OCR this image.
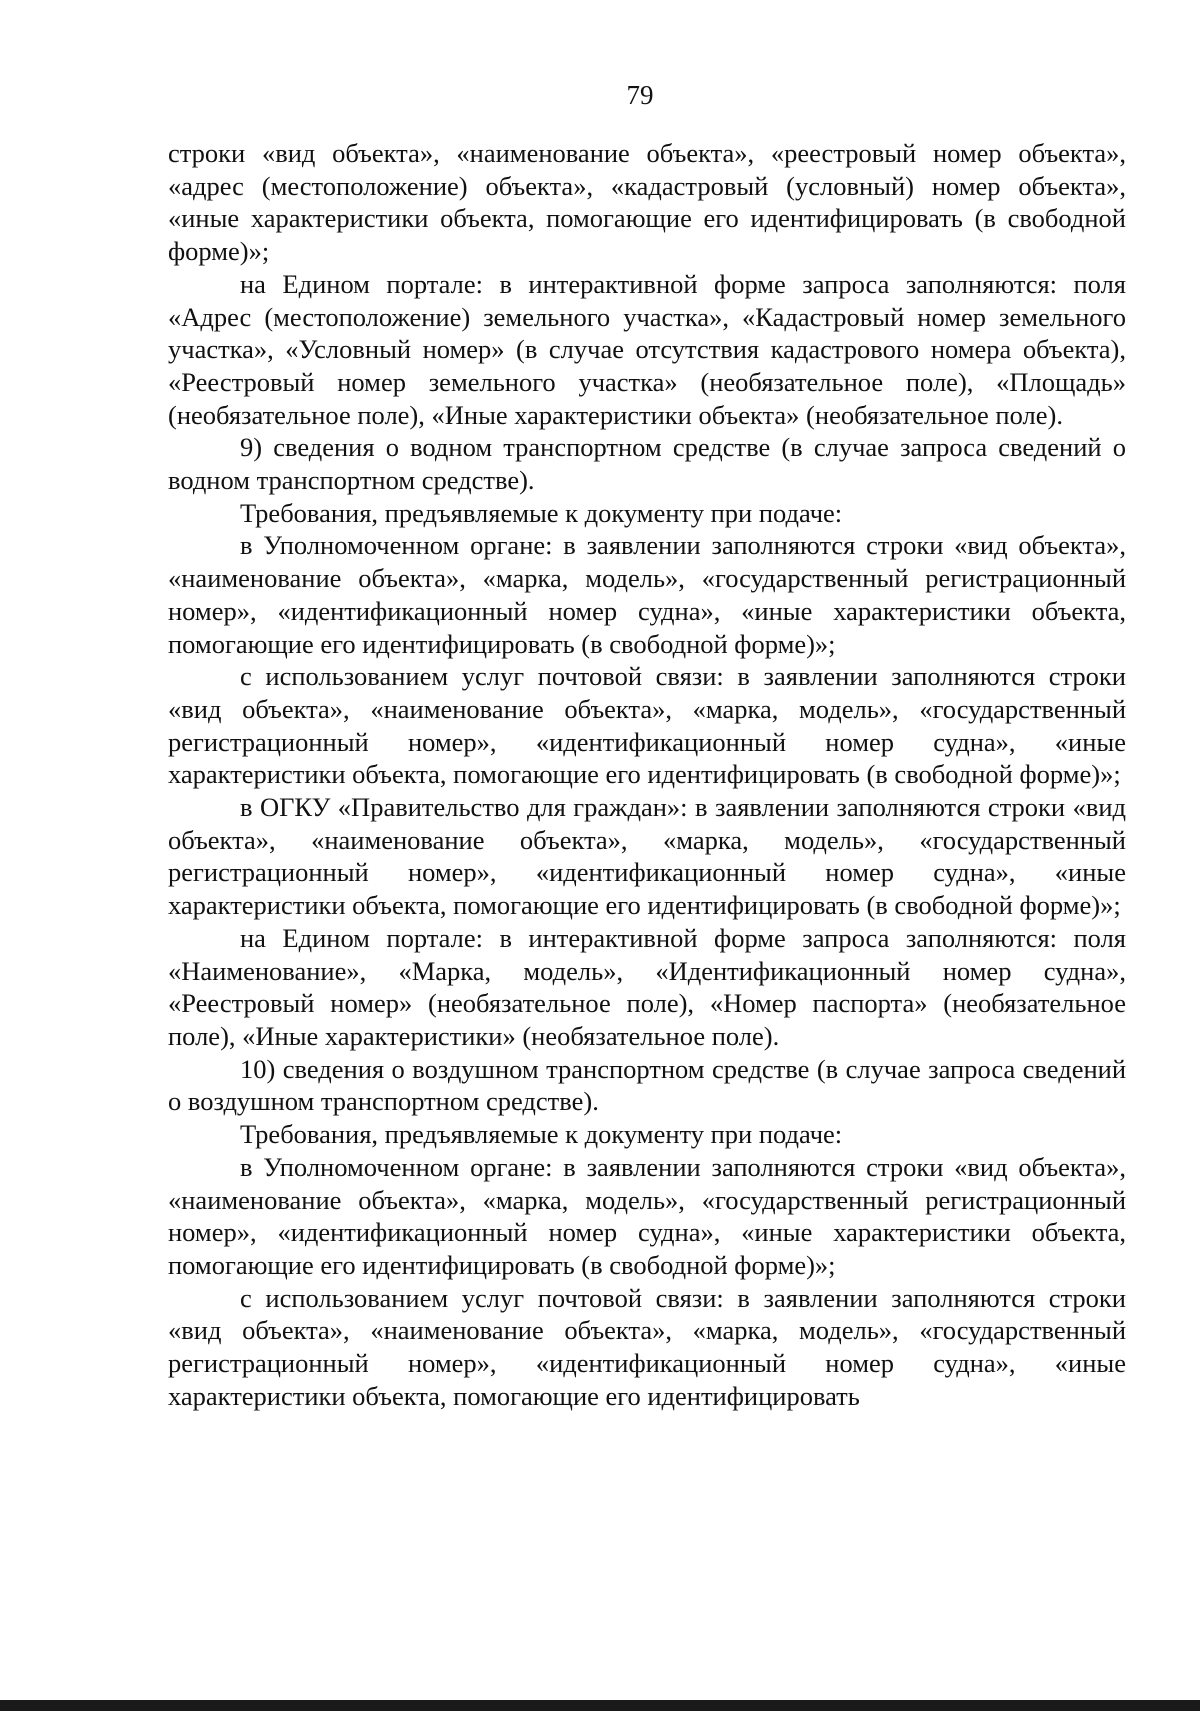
79

строки «вид объекта», «наименование объекта», «реестровый номер объекта», «адрес (местоположение) объекта», «кадастровый (условный) номер объекта», «иные характеристики объекта, помогающие его идентифицировать (в свободной форме)»;

на Едином портале: в интерактивной форме запроса заполняются: поля «Адрес (местоположение) земельного участка», «Кадастровый номер земельного участка», «Условный номер» (в случае отсутствия кадастрового номера объекта), «Реестровый номер земельного участка» (необязательное поле), «Площадь» (необязательное поле), «Иные характеристики объекта» (необязательное поле).

9) сведения о водном транспортном средстве (в случае запроса сведений о водном транспортном средстве).

Требования, предъявляемые к документу при подаче:

в Уполномоченном органе: в заявлении заполняются строки «вид объекта», «наименование объекта», «марка, модель», «государственный регистрационный номер», «идентификационный номер судна», «иные характеристики объекта, помогающие его идентифицировать (в свободной форме)»;

с использованием услуг почтовой связи: в заявлении заполняются строки «вид объекта», «наименование объекта», «марка, модель», «государственный регистрационный номер», «идентификационный номер судна», «иные характеристики объекта, помогающие его идентифицировать (в свободной форме)»;

в ОГКУ «Правительство для граждан»: в заявлении заполняются строки «вид объекта», «наименование объекта», «марка, модель», «государственный регистрационный номер», «идентификационный номер судна», «иные характеристики объекта, помогающие его идентифицировать (в свободной форме)»;

на Едином портале: в интерактивной форме запроса заполняются: поля «Наименование», «Марка, модель», «Идентификационный номер судна», «Реестровый номер» (необязательное поле), «Номер паспорта» (необязательное поле), «Иные характеристики» (необязательное поле).

10) сведения о воздушном транспортном средстве (в случае запроса сведений о воздушном транспортном средстве).

Требования, предъявляемые к документу при подаче:

в Уполномоченном органе: в заявлении заполняются строки «вид объекта», «наименование объекта», «марка, модель», «государственный регистрационный номер», «идентификационный номер судна», «иные характеристики объекта, помогающие его идентифицировать (в свободной форме)»;

с использованием услуг почтовой связи: в заявлении заполняются строки «вид объекта», «наименование объекта», «марка, модель», «государственный регистрационный номер», «идентификационный номер судна», «иные характеристики объекта, помогающие его идентифицировать
